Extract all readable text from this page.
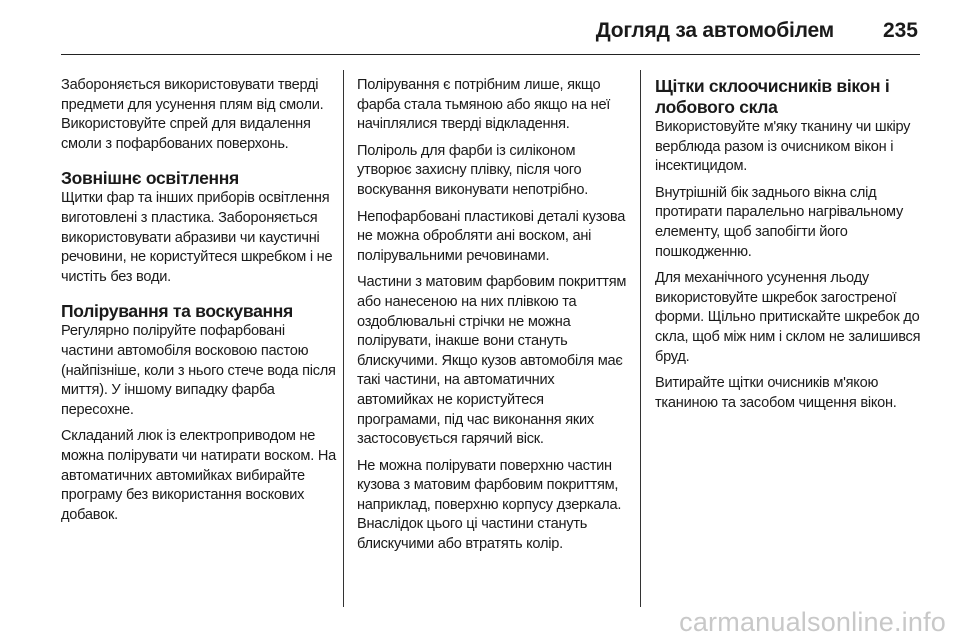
Догляд за автомобілем 235

Забороняється використовувати тверді предмети для усунення плям від смоли. Використовуйте спрей для видалення смоли з пофарбованих поверхонь.

Зовнішнє освітлення

Щитки фар та інших приборів освітлення виготовлені з пластика. Забороняється використовувати абразиви чи каустичні речовини, не користуйтеся шкребком і не чистіть без води.

Полірування та воскування

Регулярно поліруйте пофарбовані частини автомобіля восковою пастою (найпізніше, коли з нього стече вода після миття). У іншому випадку фарба пересохне.

Складаний люк із електроприводом не можна полірувати чи натирати воском. На автоматичних автомийках вибирайте програму без використання воскових добавок.

Полірування є потрібним лише, якщо фарба стала тьмяною або якщо на неї начіплялися тверді відкладення.

Поліроль для фарби із силіконом утворює захисну плівку, після чого воскування виконувати непотрібно.

Непофарбовані пластикові деталі кузова не можна обробляти ані воском, ані полірувальними речовинами.

Частини з матовим фарбовим покриттям або нанесеною на них плівкою та оздоблювальні стрічки не можна полірувати, інакше вони стануть блискучими. Якщо кузов автомобіля має такі частини, на автоматичних автомийках не користуйтеся програмами, під час виконання яких застосовується гарячий віск.

Не можна полірувати поверхню частин кузова з матовим фарбовим покриттям, наприклад, поверхню корпусу дзеркала. Внаслідок цього ці частини стануть блискучими або втратять колір.

Щітки склоочисників вікон і лобового скла

Використовуйте м'яку тканину чи шкіру верблюда разом із очисником вікон і інсектицидом.

Внутрішній бік заднього вікна слід протирати паралельно нагрівальному елементу, щоб запобігти його пошкодженню.

Для механічного усунення льоду використовуйте шкребок загостреної форми. Щільно притискайте шкребок до скла, щоб між ним і склом не залишився бруд.

Витирайте щітки очисників м'якою тканиною та засобом чищення вікон.

carmanualsonline.info
